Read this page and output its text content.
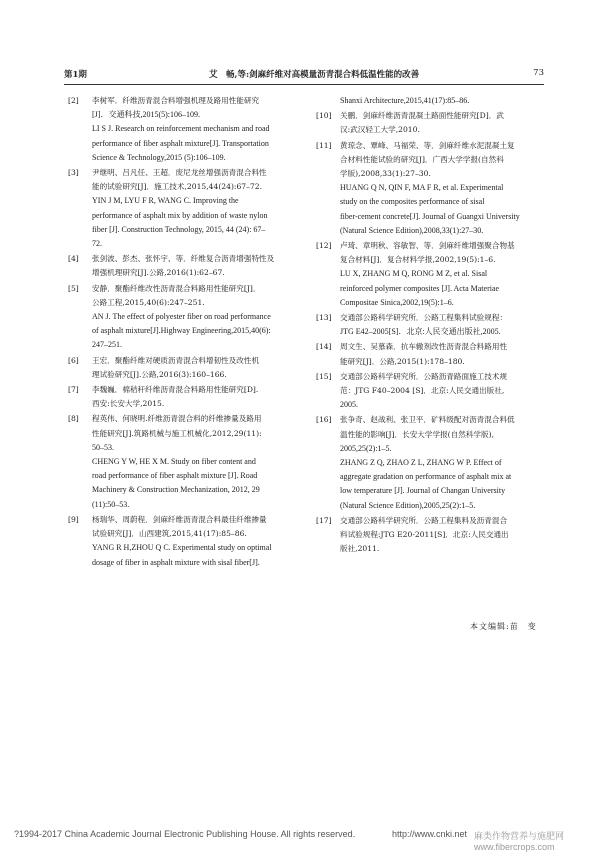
第1期	艾　畅,等:剑麻纤维对高模量沥青混合料低温性能的改善	73
[2] 李树军．纤维沥青混合料增强机理及路用性能研究
[J]．交通科技,2015(5):106–109.
LI S J. Research on reinforcement mechanism and road
performance of fiber asphalt mixture[J]. Transportation
Science & Technology,2015 (5):106–109.
[3] 尹继明、吕凡任、王超．废尼龙丝增强沥青混合料性
能的试验研究[J]．施工技术,2015,44(24):67–72.
YIN J M, LYU F R, WANG C. Improving the
performance of asphalt mix by addition of waste nylon
fiber [J]. Construction Technology, 2015, 44 (24): 67–
72.
[4] 张剑波、彭杰、张怀宇、等．纤维复合沥青增强特性及
增强机理研究[J].公路,2016(1):62–67.
[5] 安静．聚酯纤维改性沥青混合料路用性能研究[J]．
公路工程,2015,40(6):247–251.
AN J. The effect of polyester fiber on road performance
of asphalt mixture[J].Highway Engineering,2015,40(6):
247–251.
[6] 王宏．聚酯纤维对硬质沥青混合料增韧性及改性机
理试验研究[J].公路,2016(3):160–166.
[7] 李魏巍．棉秸秆纤维沥青混合料路用性能研究[D].
西安:长安大学,2015.
[8] 程英伟、何晓明.纤维沥青混合料的纤维掺量及路用
性能研究[J].筑路机械与施工机械化,2012,29(11):
50–53.
CHENG Y W, HE X M. Study on fiber content and
road performance of fiber asphalt mixture [J]. Road
Machinery & Construction Mechanization, 2012, 29
(11):50–53.
[9] 杨瑞华、周蔚程．剑麻纤维沥青混合料最佳纤维掺量
试验研究[J]．山西建筑,2015,41(17):85–86.
YANG R H,ZHOU Q C. Experimental study on optimal
dosage of fiber in asphalt mixture with sisal fiber[J].
Shanxi Architecture,2015,41(17):85–86.
[10] 关鹏．剑麻纤维沥青混凝土路面性能研究[D]．武
汉:武汉轻工大学,2010.
[11] 黄琼念、覃峰、马福荣、等．剑麻纤维水泥混凝土复
合材料性能试验的研究[J]．广西大学学报(自然科
学版),2008,33(1):27–30.
HUANG Q N, QIN F, MA F R, et al. Experimental
study on the composites performance of sisal
fiber-cement concrete[J]. Journal of Guangxi University
(Natural Science Edition),2008,33(1):27–30.
[12] 卢琦、章明秋、容敏智、等．剑麻纤维增强聚合物基
复合材料[J]．复合材料学报,2002,19(5):1–6.
LU X, ZHANG M Q, RONG M Z, et al. Sisal
reinforced polymer composites [J]. Acta Materiae
Compositae Sinica,2002,19(5):1–6.
[13] 交通部公路科学研究所．公路工程集料试验规程：
JTG E42–2005[S]．北京:人民交通出版社,2005.
[14] 周文生、吴慕森．抗车辙剂改性沥青混合料路用性
能研究[J]．公路,2015(1):178–180.
[15] 交通部公路科学研究所．公路沥青路面施工技术规
范：JTG F40–2004 [S]．北京:人民交通出版社,
2005.
[16] 张争奇、赵战利、张卫平．矿料级配对沥青混合料低
温性能的影响[J]．长安大学学报(自然科学版),
2005,25(2):1–5.
ZHANG Z Q, ZHAO Z L, ZHANG W P. Effect of
aggregate gradation on performance of asphalt mix at
low temperature [J]. Journal of Changan University
(Natural Science Edition),2005,25(2):1–5.
[17] 交通部公路科学研究所．公路工程集料及沥青混合
料试验规程:JTG E20-2011[S]．北京:人民交通出
版社,2011.
本文编辑:苗　变
?1994-2017 China Academic Journal Electronic Publishing House. All rights reserved.	http://www.cnki.net 麻类作物营养与施肥网 www.fibercrops.com
